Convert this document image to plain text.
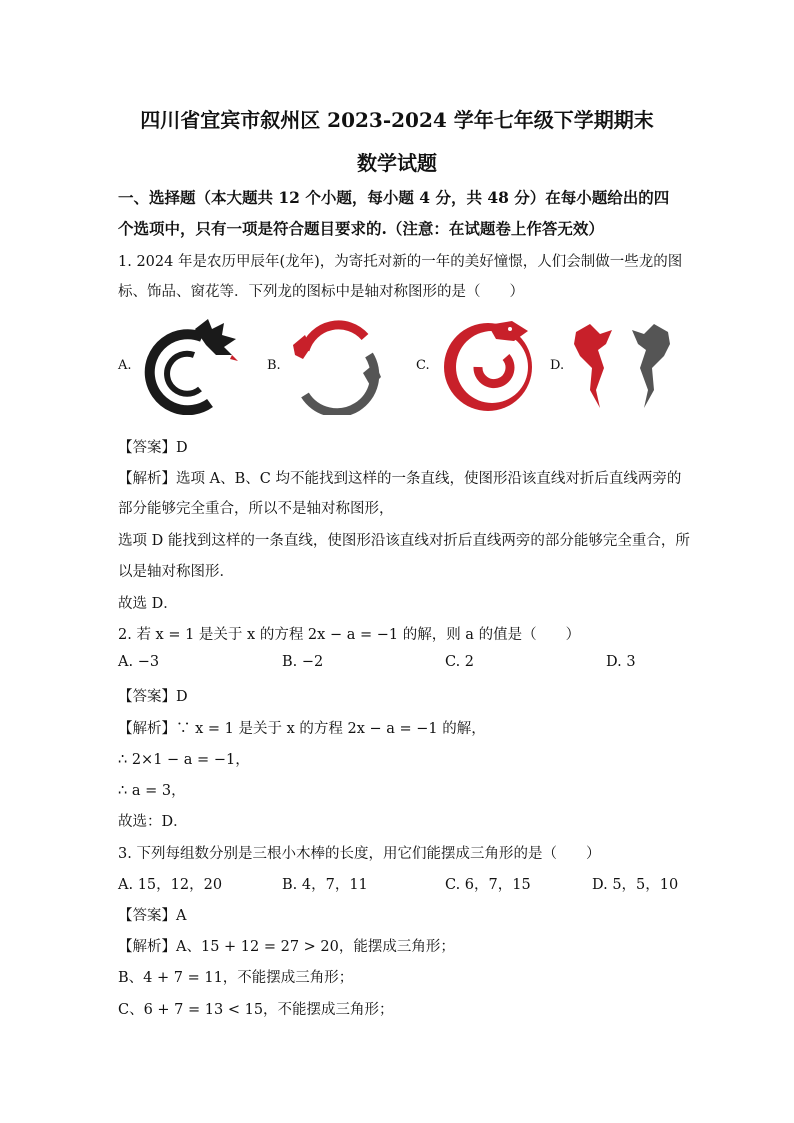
四川省宜宾市叙州区 2023-2024 学年七年级下学期期末
数学试题
一、选择题（本大题共 12 个小题，每小题 4 分，共 48 分）在每小题给出的四
个选项中，只有一项是符合题目要求的.（注意：在试题卷上作答无效）
1. 2024 年是农历甲辰年(龙年)，为寄托对新的一年的美好憧憬，人们会制做一些龙的图
标、饰品、窗花等．下列龙的图标中是轴对称图形的是（　　）
A.	B.	C.	D.
【答案】D
【解析】选项 A、B、C 均不能找到这样的一条直线，使图形沿该直线对折后直线两旁的
部分能够完全重合，所以不是轴对称图形，
选项 D 能找到这样的一条直线，使图形沿该直线对折后直线两旁的部分能够完全重合，所
以是轴对称图形．
故选 D．
2. 若 x = 1 是关于 x 的方程 2x − a = −1 的解，则 a 的值是（　　）
A. −3	B. −2	C. 2	D. 3
【答案】D
【解析】∵ x = 1 是关于 x 的方程 2x − a = −1 的解，
∴ 2×1 − a = −1，
∴ a = 3，
故选：D．
3. 下列每组数分别是三根小木棒的长度，用它们能摆成三角形的是（　　）
A. 15，12，20	B. 4，7，11	C. 6，7，15	D. 5，5，10
【答案】A
【解析】A、15 + 12 = 27 > 20，能摆成三角形；
B、4 + 7 = 11，不能摆成三角形；
C、6 + 7 = 13 < 15，不能摆成三角形；
